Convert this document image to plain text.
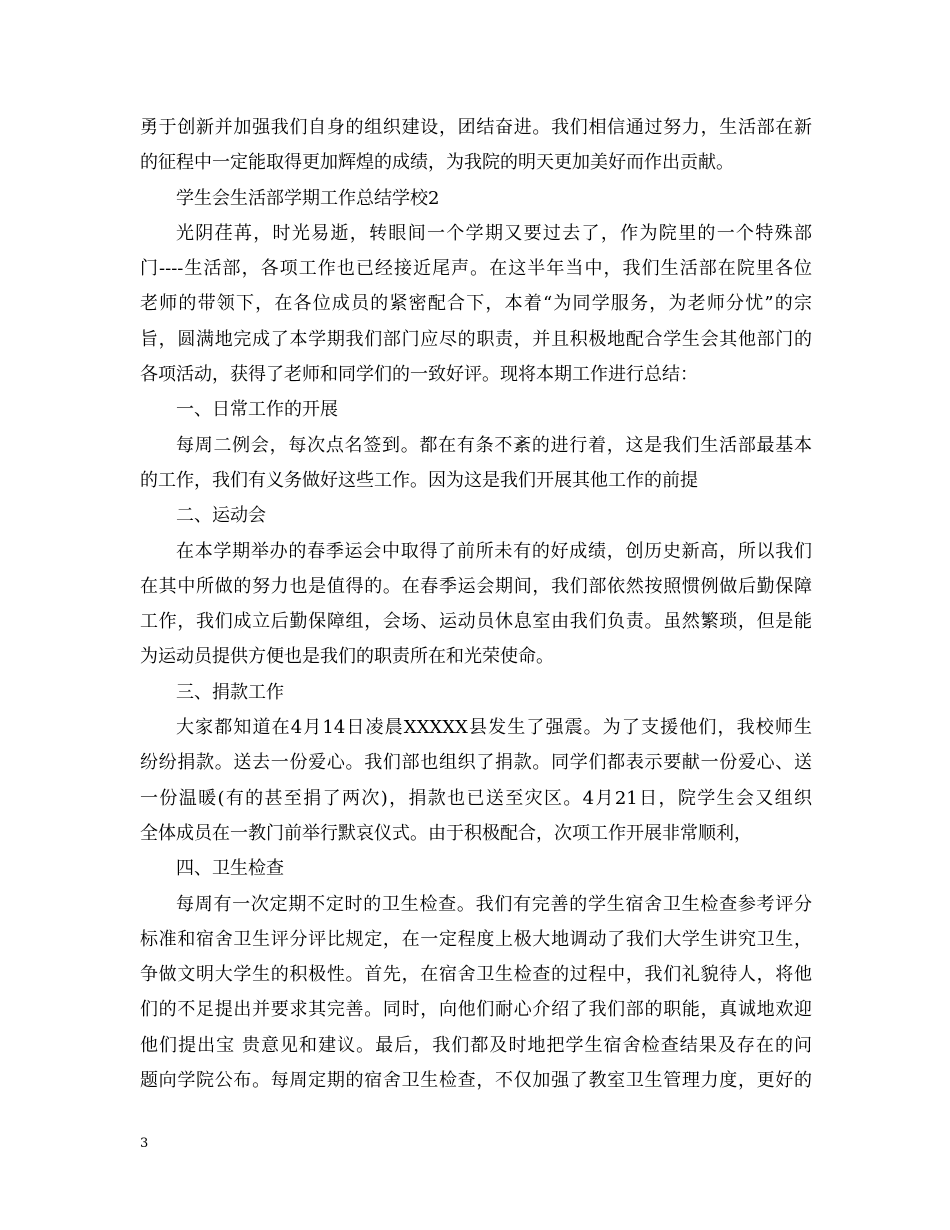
勇于创新并加强我们自身的组织建设，团结奋进。我们相信通过努力，生活部在新
的征程中一定能取得更加辉煌的成绩，为我院的明天更加美好而作出贡献。
学生会生活部学期工作总结学校2
光阴荏苒，时光易逝，转眼间一个学期又要过去了，作为院里的一个特殊部
门----生活部，各项工作也已经接近尾声。在这半年当中，我们生活部在院里各位
老师的带领下，在各位成员的紧密配合下，本着“为同学服务，为老师分忧”的宗
旨，圆满地完成了本学期我们部门应尽的职责，并且积极地配合学生会其他部门的
各项活动，获得了老师和同学们的一致好评。现将本期工作进行总结：
一、日常工作的开展
每周二例会，每次点名签到。都在有条不紊的进行着，这是我们生活部最基本
的工作，我们有义务做好这些工作。因为这是我们开展其他工作的前提
二、运动会
在本学期举办的春季运会中取得了前所未有的好成绩，创历史新高，所以我们
在其中所做的努力也是值得的。在春季运会期间，我们部依然按照惯例做后勤保障
工作，我们成立后勤保障组，会场、运动员休息室由我们负责。虽然繁琐，但是能
为运动员提供方便也是我们的职责所在和光荣使命。
三、捐款工作
大家都知道在4月14日凌晨XXXXX县发生了强震。为了支援他们，我校师生
纷纷捐款。送去一份爱心。我们部也组织了捐款。同学们都表示要献一份爱心、送
一份温暖(有的甚至捐了两次)，捐款也已送至灾区。4月21日，院学生会又组织
全体成员在一教门前举行默哀仪式。由于积极配合，次项工作开展非常顺利，
四、卫生检查
每周有一次定期不定时的卫生检查。我们有完善的学生宿舍卫生检查参考评分
标准和宿舍卫生评分评比规定，在一定程度上极大地调动了我们大学生讲究卫生，
争做文明大学生的积极性。首先，在宿舍卫生检查的过程中，我们礼貌待人，将他
们的不足提出并要求其完善。同时，向他们耐心介绍了我们部的职能，真诚地欢迎
他们提出宝 贵意见和建议。最后，我们都及时地把学生宿舍检查结果及存在的问
题向学院公布。每周定期的宿舍卫生检查，不仅加强了教室卫生管理力度，更好的
3
